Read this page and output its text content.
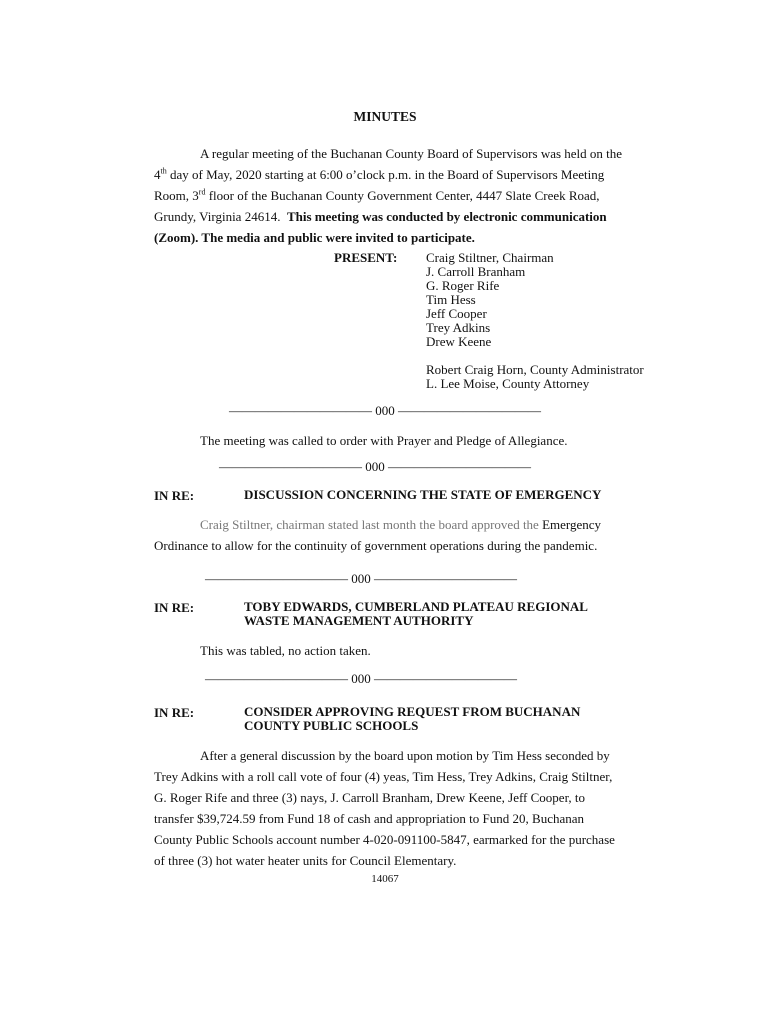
MINUTES
A regular meeting of the Buchanan County Board of Supervisors was held on the
4th day of May, 2020 starting at 6:00 o’clock p.m. in the Board of Supervisors Meeting
Room, 3rd floor of the Buchanan County Government Center, 4447 Slate Creek Road,
Grundy, Virginia 24614.  This meeting was conducted by electronic communication
(Zoom). The media and public were invited to participate.
PRESENT: Craig Stiltner, Chairman
J. Carroll Branham
G. Roger Rife
Tim Hess
Jeff Cooper
Trey Adkins
Drew Keene
Robert Craig Horn, County Administrator
L. Lee Moise, County Attorney
——————————— 000 ———————————
The meeting was called to order with Prayer and Pledge of Allegiance.
——————————— 000 ———————————
IN RE:	DISCUSSION CONCERNING THE STATE OF EMERGENCY
Craig Stiltner, chairman stated last month the board approved the Emergency
Ordinance to allow for the continuity of government operations during the pandemic.
——————————— 000 ———————————
IN RE:	TOBY EDWARDS, CUMBERLAND PLATEAU REGIONAL
WASTE MANAGEMENT AUTHORITY
This was tabled, no action taken.
——————————— 000 ———————————
IN RE:	CONSIDER APPROVING REQUEST FROM BUCHANAN
COUNTY PUBLIC SCHOOLS
After a general discussion by the board upon motion by Tim Hess seconded by
Trey Adkins with a roll call vote of four (4) yeas, Tim Hess, Trey Adkins, Craig Stiltner,
G. Roger Rife and three (3) nays, J. Carroll Branham, Drew Keene, Jeff Cooper, to
transfer $39,724.59 from Fund 18 of cash and appropriation to Fund 20, Buchanan
County Public Schools account number 4-020-091100-5847, earmarked for the purchase
of three (3) hot water heater units for Council Elementary.
14067
